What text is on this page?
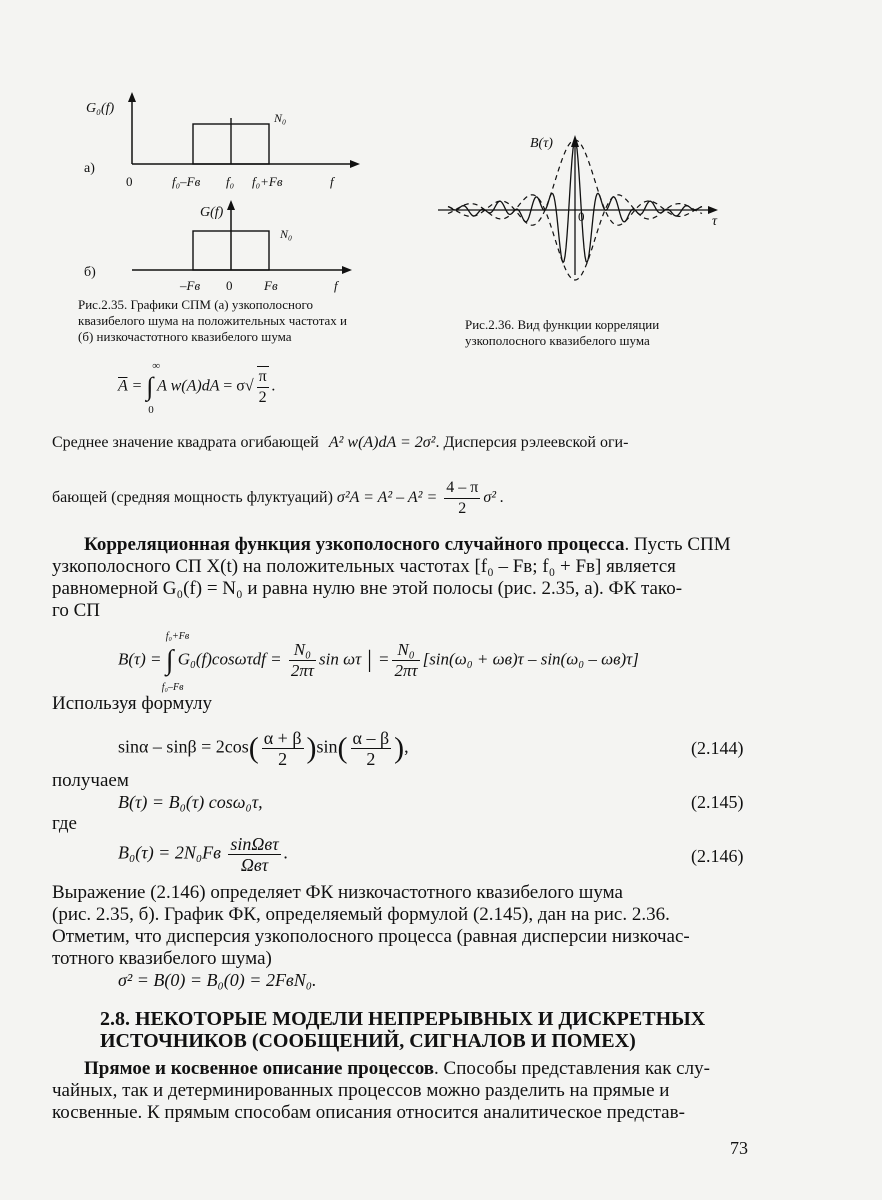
G₀(f)
N₀
а)
0	f₀–Fв f₀ f₀+Fв	f
G(f)
N₀
б)
–Fв 0 Fв	f
Рис.2.35. Графики СПМ (а) узкополосного
квазибелого шума на положительных частотах и
(б) низкочастотного квазибелого шума
B(τ)
τ
0
Рис.2.36. Вид функции корреляции
узкополосного квазибелого шума
$\overline{A}$ = ∫
∞
0
A $w(A)dA = \sigma√ \frac{\pi}{2}$ .
Среднее значение квадрата огибающей A² w(A)dA = 2σ². Дисперсия рэлеевской оги-
бающей (средняя мощность флуктуаций) $\sigma^2A = A^2 - A^2 = \frac{4 - \pi}{2} \sigma^2$ .
Корреляционная функция узкополосного случайного процесса. Пусть СПМ
узкополосного СП X(t) на положительных частотах [f₀ – Fв; f₀ + Fв] является
равномерной G₀(f) = N₀ и равна нулю вне этой полосы (рис. 2.35, а). ФК тако-
го СП
B(τ) = ∫
f₀+Fв
f₀–Fв
$G_0(f)\cos\omega\tau df = \frac{\text{N₀}}{2\pi\tau}$ sin ωτ | = $\frac{\text{N₀}}{2\pi\tau} [\sin(\omega_0 + \omega в)\tau - \sin(\omega_0 - \omega в)\tau]$
Используя формулу
$\sin\alpha - \sin\beta = 2\cos( \frac{\alpha + \beta}{2} )\sin( \frac{\alpha - \beta}{2}$ ),	(2.144)
получаем
B(τ) = B₀(τ) cosω₀τ,	(2.145)
где
$B_0(\tau) = 2N_0Fв \frac{\text{sinΩвτ}}{\text{Ωвτ}}$ .	(2.146)
Выражение (2.146) определяет ФК низкочастотного квазибелого шума
(рис. 2.35, б). График ФК, определяемый формулой (2.145), дан на рис. 2.36.
Отметим, что дисперсия узкополосного процесса (равная дисперсии низкочас-
тотного квазибелого шума)
σ² = B(0) = B₀(0) = 2FвN₀.
2.8. НЕКОТОРЫЕ МОДЕЛИ НЕПРЕРЫВНЫХ И ДИСКРЕТНЫХ
ИСТОЧНИКОВ (СООБЩЕНИЙ, СИГНАЛОВ И ПОМЕХ)
Прямое и косвенное описание процессов. Способы представления как слу-
чайных, так и детерминированных процессов можно разделить на прямые и
косвенные. К прямым способам описания относится аналитическое представ-
73
